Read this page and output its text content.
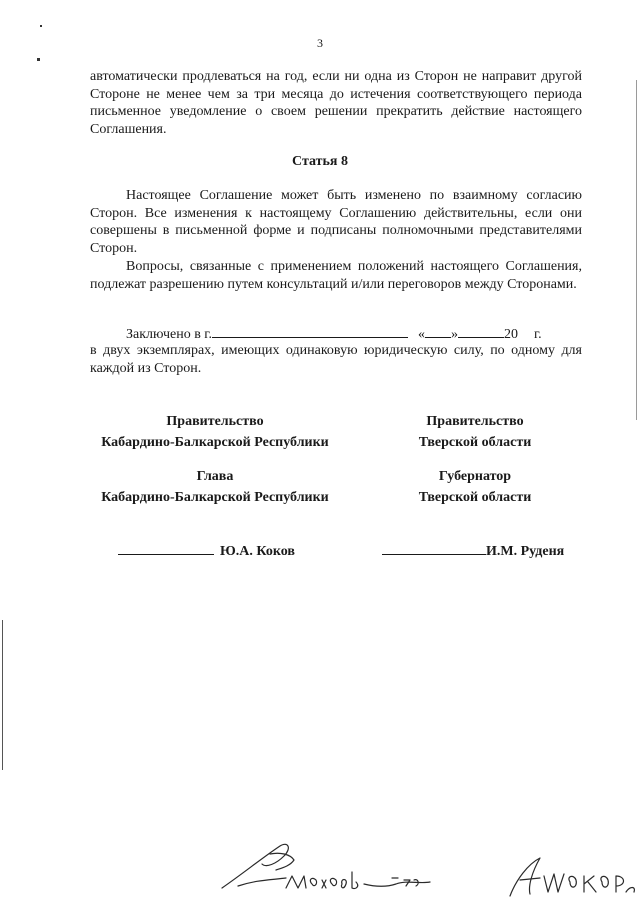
3

автоматически продлеваться на год, если ни одна из Сторон не направит другой Стороне не менее чем за три месяца до истечения соответствующего периода письменное уведомление о своем решении прекратить действие настоящего Соглашения.

Статья 8

Настоящее Соглашение может быть изменено по взаимному согласию Сторон. Все изменения к настоящему Соглашению действительны, если они совершены в письменной форме и подписаны полномочными представителями Сторон.

Вопросы, связанные с применением положений настоящего Соглашения, подлежат разрешению путем консультаций и/или переговоров между Сторонами.

Заключено в г.	« »	20 г.

в двух экземплярах, имеющих одинаковую юридическую силу, по одному для каждой из Сторон.

Правительство
Кабардино-Балкарской Республики
Глава
Кабардино-Балкарской Республики
Ю.А. Коков
Правительство
Тверской области
Губернатор
Тверской области
И.М. Руденя
